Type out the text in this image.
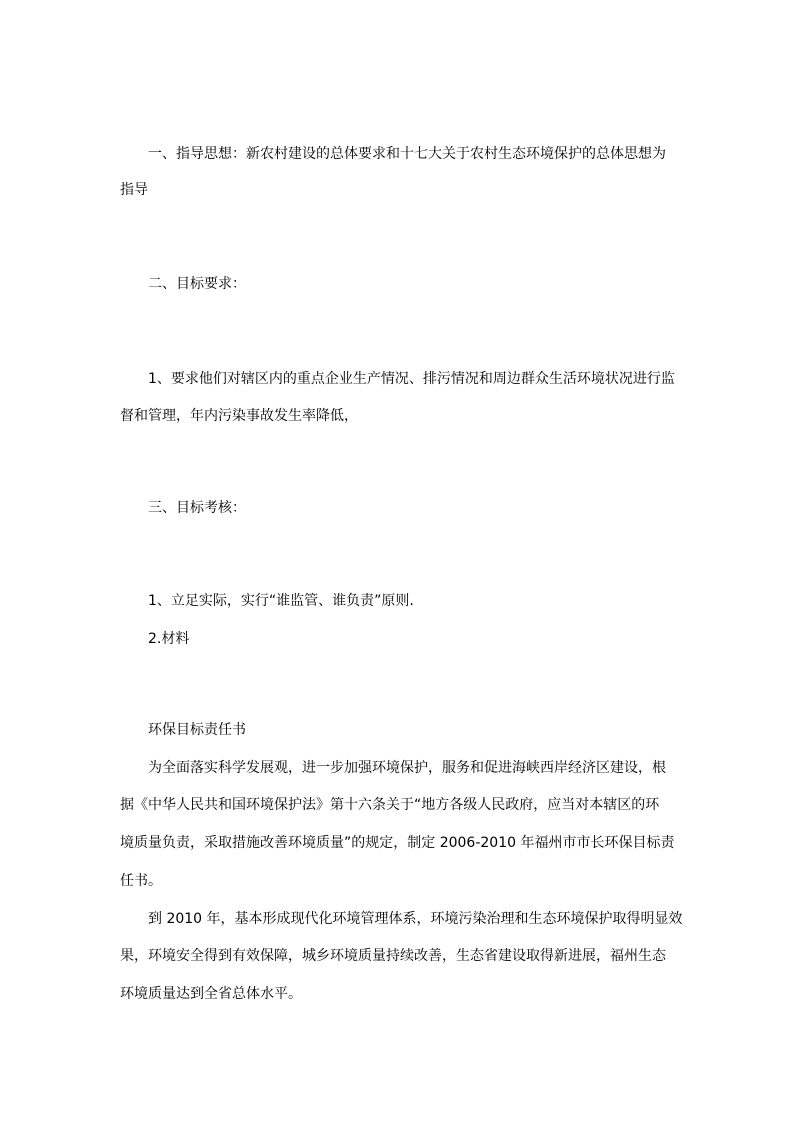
一、指导思想：新农村建设的总体要求和十七大关于农村生态环境保护的总体思想为
指导
二、目标要求：
1、要求他们对辖区内的重点企业生产情况、排污情况和周边群众生活环境状况进行监
督和管理，年内污染事故发生率降低，
三、目标考核：
1、立足实际，实行“谁监管、谁负责”原则.
2.材料
环保目标责任书
为全面落实科学发展观，进一步加强环境保护，服务和促进海峡西岸经济区建设，根
据《中华人民共和国环境保护法》第十六条关于“地方各级人民政府，应当对本辖区的环
境质量负责，采取措施改善环境质量”的规定，制定 2006-2010 年福州市市长环保目标责
任书。
到 2010 年，基本形成现代化环境管理体系，环境污染治理和生态环境保护取得明显效
果，环境安全得到有效保障，城乡环境质量持续改善，生态省建设取得新进展，福州生态
环境质量达到全省总体水平。
